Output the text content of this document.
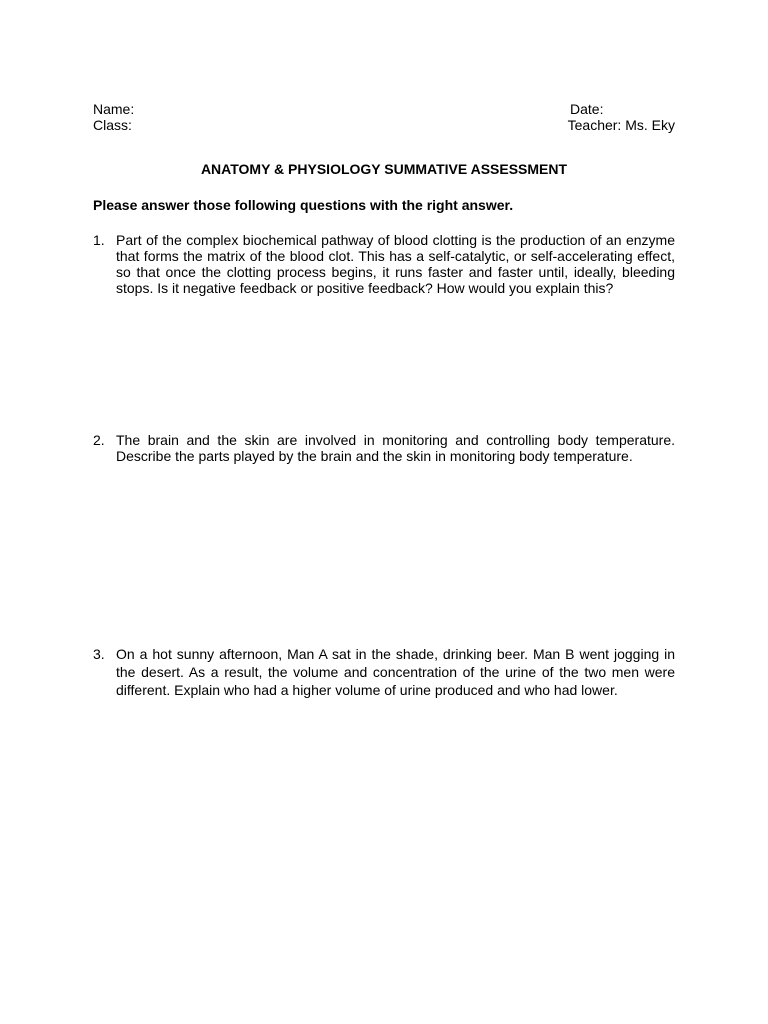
Name:
Class:
Date:
Teacher: Ms. Eky
ANATOMY & PHYSIOLOGY SUMMATIVE ASSESSMENT
Please answer those following questions with the right answer.
1. Part of the complex biochemical pathway of blood clotting is the production of an enzyme that forms the matrix of the blood clot. This has a self-catalytic, or self-accelerating effect, so that once the clotting process begins, it runs faster and faster until, ideally, bleeding stops. Is it negative feedback or positive feedback? How would you explain this?
2. The brain and the skin are involved in monitoring and controlling body temperature. Describe the parts played by the brain and the skin in monitoring body temperature.
3. On a hot sunny afternoon, Man A sat in the shade, drinking beer. Man B went jogging in the desert. As a result, the volume and concentration of the urine of the two men were different. Explain who had a higher volume of urine produced and who had lower.
